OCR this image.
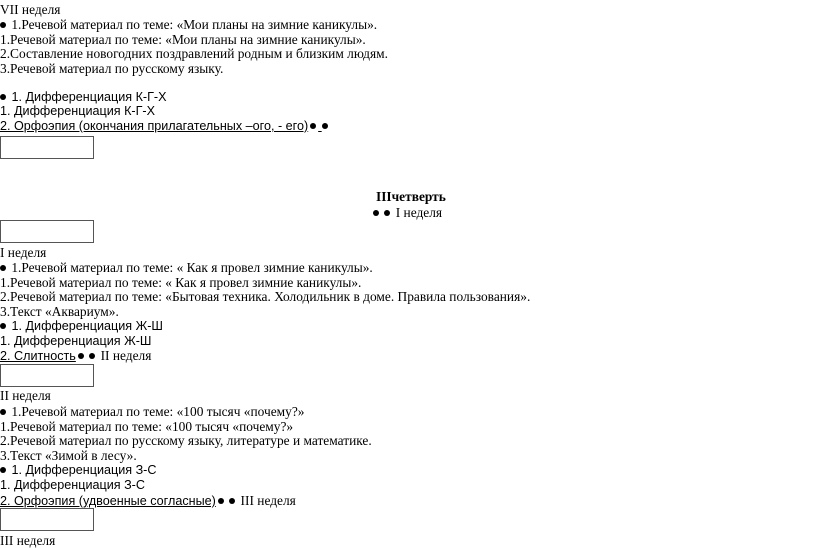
VII неделя
1.Речевой материал по теме: «Мои планы на зимние каникулы».
1.Речевой материал по теме: «Мои планы на зимние каникулы».
2.Составление новогодних поздравлений родным и близким людям.
3.Речевой материал по русскому языку.
1. Дифференциация К-Г-Х
1. Дифференциация К-Г-Х
2. Орфоэпия (окончания прилагательных –ого, - его)
IIIчетверть
I неделя
I неделя
1.Речевой материал по теме: « Как я провел зимние каникулы».
1.Речевой материал по теме: « Как я провел зимние каникулы».
2.Речевой материал по теме: «Бытовая техника. Холодильник в доме. Правила пользования».
3.Текст «Аквариум».
1. Дифференциация Ж-Ш
1. Дифференциация Ж-Ш
2. Слитность II неделя
II неделя
1.Речевой материал по теме: «100 тысяч «почему?»
1.Речевой материал по теме: «100 тысяч «почему?»
2.Речевой материал по русскому языку, литературе и математике.
3.Текст «Зимой в лесу».
1. Дифференциация З-С
1. Дифференциация З-С
2. Орфоэпия (удвоенные согласные) III неделя
III неделя
